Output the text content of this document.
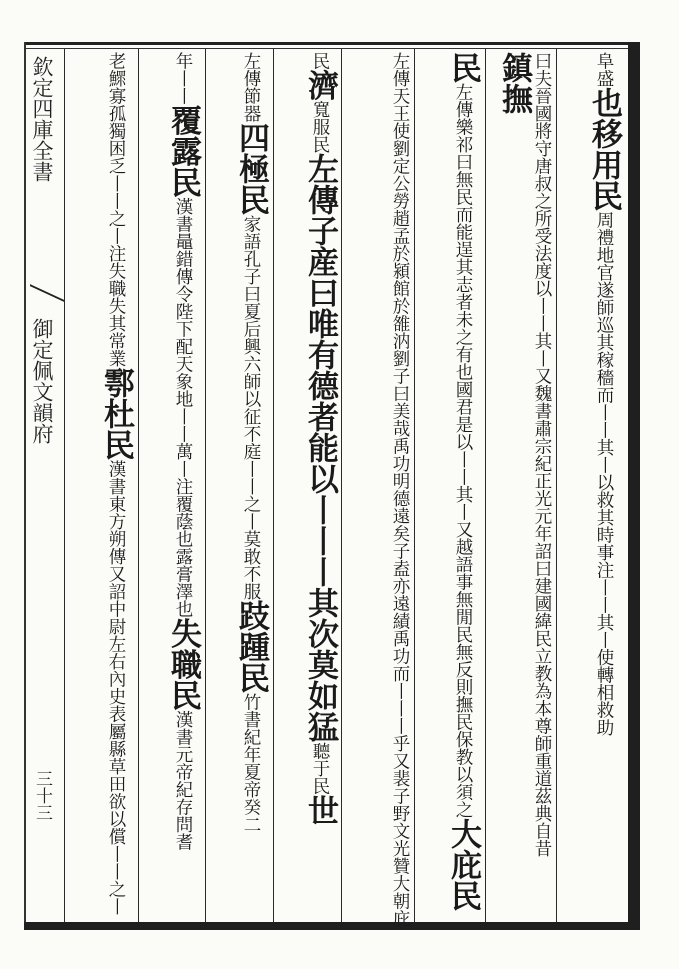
欽定四庫全書
御定佩文韻府
三十三
阜盛也移用民周禮地官遂師巡其稼穡而丨丨其丨以救其時事注丨丨其丨使轉相救助
曰夫晉國將守唐叔之所受法度以丨丨其丨又魏書肅宗紀正光元年詔曰建國緯民立教為本尊師重道茲典自昔鎮撫
民左傳樂祁曰無民而能逞其志者未之有也國君是以丨丨其丨又越語事無閒民無反則撫民保教以須之大庇民
左傳天王使劉定公勞趙孟於潁館於雒汭劉子曰美哉禹功明德遠矣子盍亦遠績禹功而丨丨丨乎又裴子野文光贊大朝庇
民濟寬服民左傳子産曰唯有德者能以丨丨丨其次莫如猛聽于民世
左傳節器四極民家語孔子曰夏后興六師以征不庭丨丨之丨莫敢不服跂踵民竹書紀年夏帝癸二
年丨丨覆露民漢書鼂錯傳令陛下配天象地丨丨萬丨注覆蔭也露膏澤也失職民漢書元帝紀存問耆
老鰥寡孤獨困乏丨丨之丨注失職失其常業鄠杜民漢書東方朔傳又詔中尉左右內史表屬縣草田欲以償丨丨之丨
